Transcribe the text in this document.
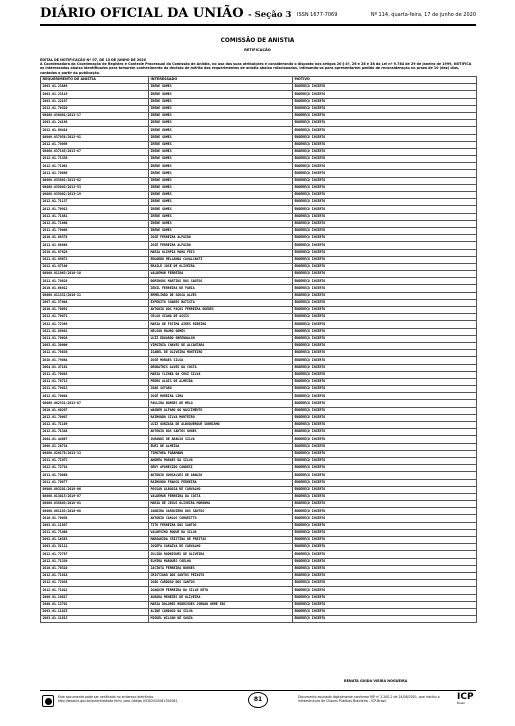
DIÁRIO OFICIAL DA UNIÃO - Seção 3 ISSN 1677-7069	Nº 114, quarta-feira, 17 de junho de 2020
COMISSÃO DE ANISTIA
RETIFICAÇÃO
EDITAL DE NOTIFICAÇÃO Nº 07, DE 15 DE JUNHO DE 2020
A Coordenadora da Coordenação de Registro e Controle Processual da Comissão de Anistia, no uso das suas atribuições e considerando o disposto nos artigos 20 § 4º, 26 e 28 e 38 da Lei nº 9.784 de 29 de janeiro de 1999, NOTIFICA os interessados abaixo identificados para tomarem conhecimento da decisão de mérito dos requerimentos de anistia abaixo relacionados, intimando-os para apresentarem pedido de reconsideração no prazo de 10 (dez) dias, contados a partir da publicação.
REQUERIMENTO DE ANISTIA	INTERESSADO	MOTIVO
2003.01.23889	IRENE GOMES	ENDEREÇO INCERTO
2003.01.23119	IRENE GOMES	ENDEREÇO INCERTO
2003.01.22107	IRENE GOMES	ENDEREÇO INCERTO
2012.01.70320	IRENE GOMES	ENDEREÇO INCERTO
08000.036001/2013-17	IRENE GOMES	ENDEREÇO INCERTO
2003.01.24198	IRENE GOMES	ENDEREÇO INCERTO
2012.01.69410	IRENE GOMES	ENDEREÇO INCERTO
08000.037058/2013-91	IRENE GOMES	ENDEREÇO INCERTO
2012.01.70098	IRENE GOMES	ENDEREÇO INCERTO
08000.037105/2013-07	IRENE GOMES	ENDEREÇO INCERTO
2012.01.71339	IRENE GOMES	ENDEREÇO INCERTO
2012.01.71001	IRENE GOMES	ENDEREÇO INCERTO
2011.01.70890	IRENE GOMES	ENDEREÇO INCERTO
08000.035001/2013-62	IRENE GOMES	ENDEREÇO INCERTO
08000.035003/2013-53	IRENE GOMES	ENDEREÇO INCERTO
08000.035002/2013-19	IRENE GOMES	ENDEREÇO INCERTO
2012.01.71137	IRENE GOMES	ENDEREÇO INCERTO
2012.01.70913	IRENE GOMES	ENDEREÇO INCERTO
2012.01.71881	IRENE GOMES	ENDEREÇO INCERTO
2012.01.71660	IRENE GOMES	ENDEREÇO INCERTO
2011.01.70006	IRENE GOMES	ENDEREÇO INCERTO
2010.01.68378	JOSÉ FERREIRA ALFAIDO	ENDEREÇO INCERTO
2011.01.68888	JOSÉ FERREIRA ALFAIDO	ENDEREÇO INCERTO
2010.01.67628	MARIA OLIMPIA MARA FEIS	ENDEREÇO INCERTO
2011.01.69672	EDUARDO MELLANDA CAVALCANTI	ENDEREÇO INCERTO
2012.01.67100	ERAILE JOSÉ DE OLIVEIRA	ENDEREÇO INCERTO
08000.011063/2010-10	VALDEMAR FERREIRA	ENDEREÇO INCERTO
2011.01.70828	DOMINGOS MARTINS DOS SANTOS	ENDEREÇO INCERTO
2010.01.68012	ZENIL FERREIRA DE FARIA	ENDEREÇO INCERTO
08000.011331/2010-11	ERMELINDO DE SOUSA ALVES	ENDEREÇO INCERTO
2007.01.57004	EXPEDITO SOARES BATISTA	ENDEREÇO INCERTO
2010.01.70091	ANTONIO DOS PAÇOS FERREIRA GUEDES	ENDEREÇO INCERTO
2012.01.70871	CELSO VIANA DE ASSIS	ENDEREÇO INCERTO
2012.01.72389	MARIA DE FÁTIMA AIRES RIBEIRO	ENDEREÇO INCERTO
2011.01.69801	NELSON MAURO GOMES	ENDEREÇO INCERTO
2011.01.70628	LUIZ EDUARDO GREENHALGH	ENDEREÇO INCERTO
2003.01.30006	VIRGÍNIA CHAVES DE ALCANTARA	ENDEREÇO INCERTO
2012.01.70830	ISABEL DE OLIVEIRA MONTEIRO	ENDEREÇO INCERTO
2010.01.79084	JOSÉ MORAES SILVA	ENDEREÇO INCERTO
2004.01.47161	DEODATRIS ALVES DA COSTA	ENDEREÇO INCERTO
2011.01.70803	MARIA CLINEA DA CRUZ SILVA	ENDEREÇO INCERTO
2011.01.70713	PEDRO ALOIS DE ALMEIDA	ENDEREÇO INCERTO
2011.01.70813	JOÃO SUTARO	ENDEREÇO INCERTO
2012.01.70004	JOSÉ MOREIRA LIMA	ENDEREÇO INCERTO
08000.002331/2013-07	PAULINA BORGES DE MELO	ENDEREÇO INCERTO
2010.01.68207	WAGNER ALFARO DO NASCIMENTO	ENDEREÇO INCERTO
2012.01.70607	RAIMUNDO SILVA MONTEIRO	ENDEREÇO INCERTO
2012.01.71109	LUIZ GONZAGA DE ALBUQUERQUE SOBRINHO	ENDEREÇO INCERTO
2012.01.71348	ANTÔNIO DOS SANTOS NUNES	ENDEREÇO INCERTO
2004.01.44687	JURANDI DE ARAÚJO SILVA	ENDEREÇO INCERTO
2008.01.28734	EURI DE ALMEIDA	ENDEREÇO INCERTO
08000.026178/2013-13	TIMÓTHEA FARAMANN	ENDEREÇO INCERTO
2011.01.71072	ANDRÉA MORAES DA SILVA	ENDEREÇO INCERTO
2012.01.72710	GENY APARECIDO CANDESI	ENDEREÇO INCERTO
2011.01.70880	ANTONIO GONÇALVES DE ARAÚJO	ENDEREÇO INCERTO
2011.01.70877	RAIMUNDO FRANCO FERREIRA	ENDEREÇO INCERTO
08000.003201/2018-06	POSSAN ALBOSSA DE CARVALHO	ENDEREÇO INCERTO
08000.013015/2019-07	VALDEMAR FERREIRA DA COSTA	ENDEREÇO INCERTO
08000.038803/2018-01	MARIA DE JESUS OLIVEIRA MORONHA	ENDEREÇO INCERTO
08000.001183/2018-08	JANDIRA SARGUIERO DOS SANTOS	ENDEREÇO INCERTO
2010.01.70038	ANTONIO CARLOS CORDEITTO	ENDEREÇO INCERTO
2003.01.11807	TITO FERREIRA DOS SANTOS	ENDEREÇO INCERTO
2011.01.71088	VALDEVINO ROQUE DA SILVA	ENDEREÇO INCERTO
2002.01.16383	MARGARIDA CRISTINA DE FREITAS	ENDEREÇO INCERTO
2003.01.51111	JOSEFA SARAIVA DE CARVALHO	ENDEREÇO INCERTO
2012.01.72787	JULIÃO RODRIGUES DE OLIVEIRA	ENDEREÇO INCERTO
2012.01.71330	ELMIRA MARQUES COELHO	ENDEREÇO INCERTO
2010.01.70310	JACINTA FERREIRA BORGES	ENDEREÇO INCERTO
2012.01.71818	CRISTIANO DOS SANTOS PEIXOTO	ENDEREÇO INCERTO
2012.01.72038	JOÃO CARDOSO DOS SANTOS	ENDEREÇO INCERTO
2012.01.71012	JOAQUIM FERREIRA DA SILVA NETO	ENDEREÇO INCERTO
2000.01.10817	AURORA MENEZES DE OLIVEIRA	ENDEREÇO INCERTO
2000.01.13702	MARIA DOLORES RODRIGUES JORDAN ORRE IBS	ENDEREÇO INCERTO
2003.01.11825	ALINE CARDOSO DA SILVA	ENDEREÇO INCERTO
2003.01.11813	MIGUEL WILSON DE SOUZA	ENDEREÇO INCERTO
RENATA GUIDA VIEIRA NOGUEIRA
Este documento pode ser verificado no endereço eletrônico http://www.in.gov.br/autenticidade.html, pelo código 05302020061700081	81	Documento assinado digitalmente conforme MP nº 2.200-2 de 24/08/2001, que institui a Infraestrutura de Chaves Públicas Brasileira - ICP-Brasil.	ICP
Brasil
